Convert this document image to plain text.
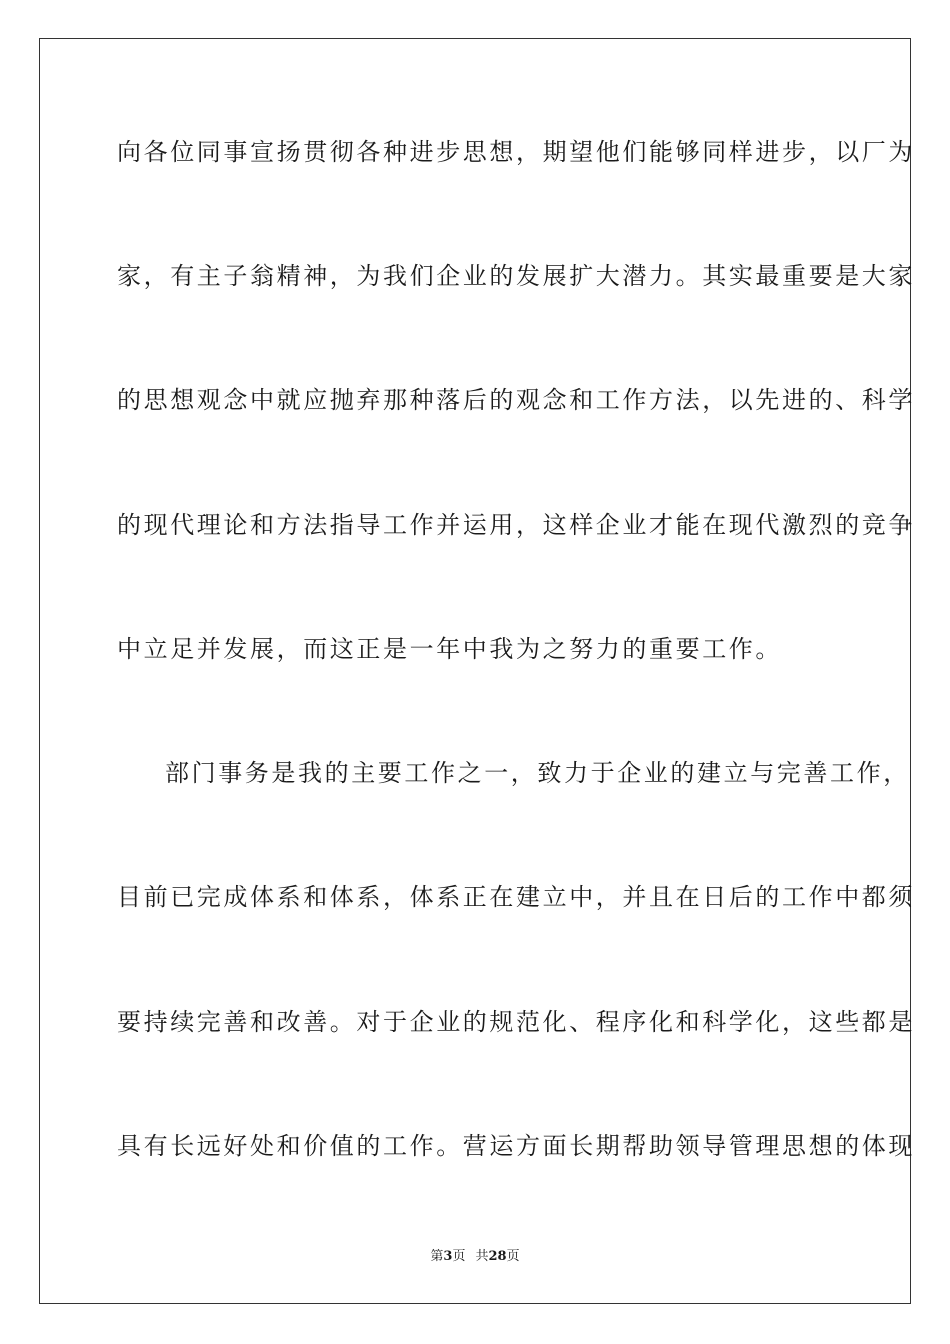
向各位同事宣扬贯彻各种进步思想，期望他们能够同样进步，以厂为
家，有主子翁精神，为我们企业的发展扩大潜力。其实最重要是大家
的思想观念中就应抛弃那种落后的观念和工作方法，以先进的、科学
的现代理论和方法指导工作并运用，这样企业才能在现代激烈的竞争
中立足并发展，而这正是一年中我为之努力的重要工作。
部门事务是我的主要工作之一，致力于企业的建立与完善工作，
目前已完成体系和体系，体系正在建立中，并且在日后的工作中都须
要持续完善和改善。对于企业的规范化、程序化和科学化，这些都是
具有长远好处和价值的工作。营运方面长期帮助领导管理思想的体现
第3页 共28页
